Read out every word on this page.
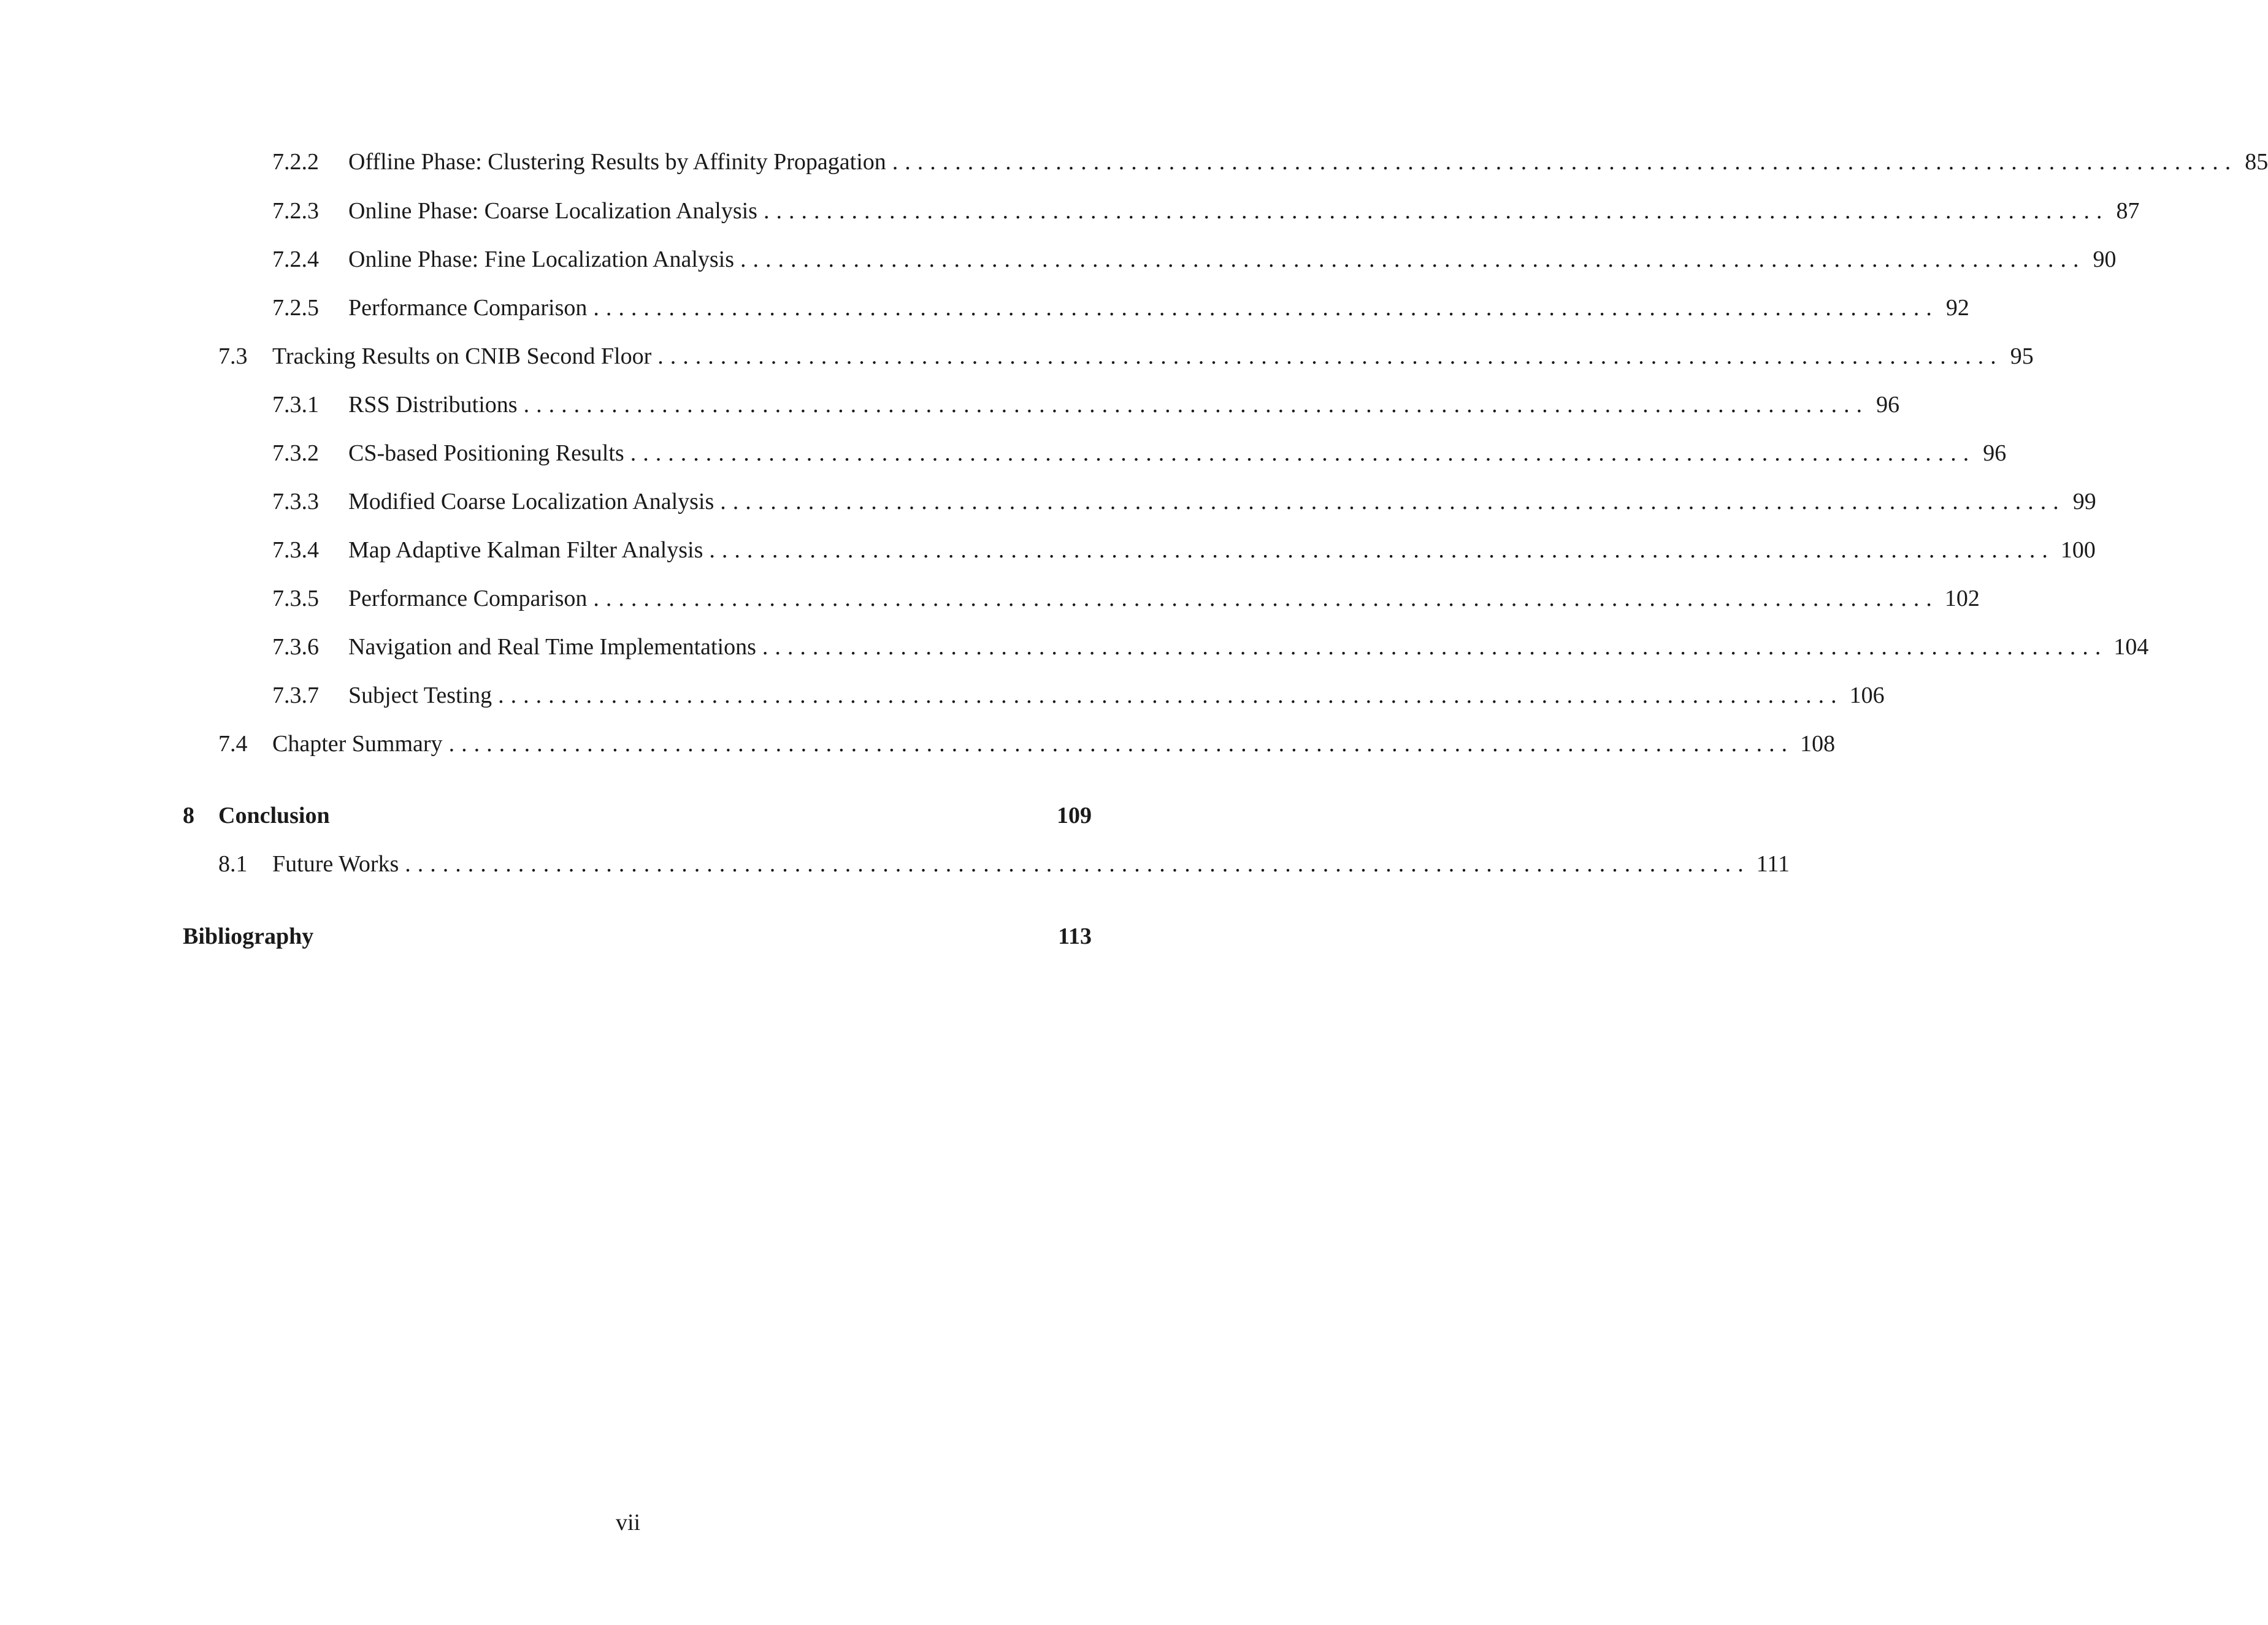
7.2.2	Offline Phase: Clustering Results by Affinity Propagation ........................................................................................................... 85
7.2.3	Online Phase: Coarse Localization Analysis ........................................................................................................... 87
7.2.4	Online Phase: Fine Localization Analysis ........................................................................................................... 90
7.2.5	Performance Comparison ........................................................................................................... 92
7.3	Tracking Results on CNIB Second Floor ........................................................................................................... 95
7.3.1	RSS Distributions ........................................................................................................... 96
7.3.2	CS-based Positioning Results ........................................................................................................... 96
7.3.3	Modified Coarse Localization Analysis ........................................................................................................... 99
7.3.4	Map Adaptive Kalman Filter Analysis ........................................................................................................... 100
7.3.5	Performance Comparison ........................................................................................................... 102
7.3.6	Navigation and Real Time Implementations ........................................................................................................... 104
7.3.7	Subject Testing ........................................................................................................... 106
7.4	Chapter Summary ........................................................................................................... 108
8	Conclusion	109
8.1	Future Works ........................................................................................................... 111
Bibliography	113
vii
